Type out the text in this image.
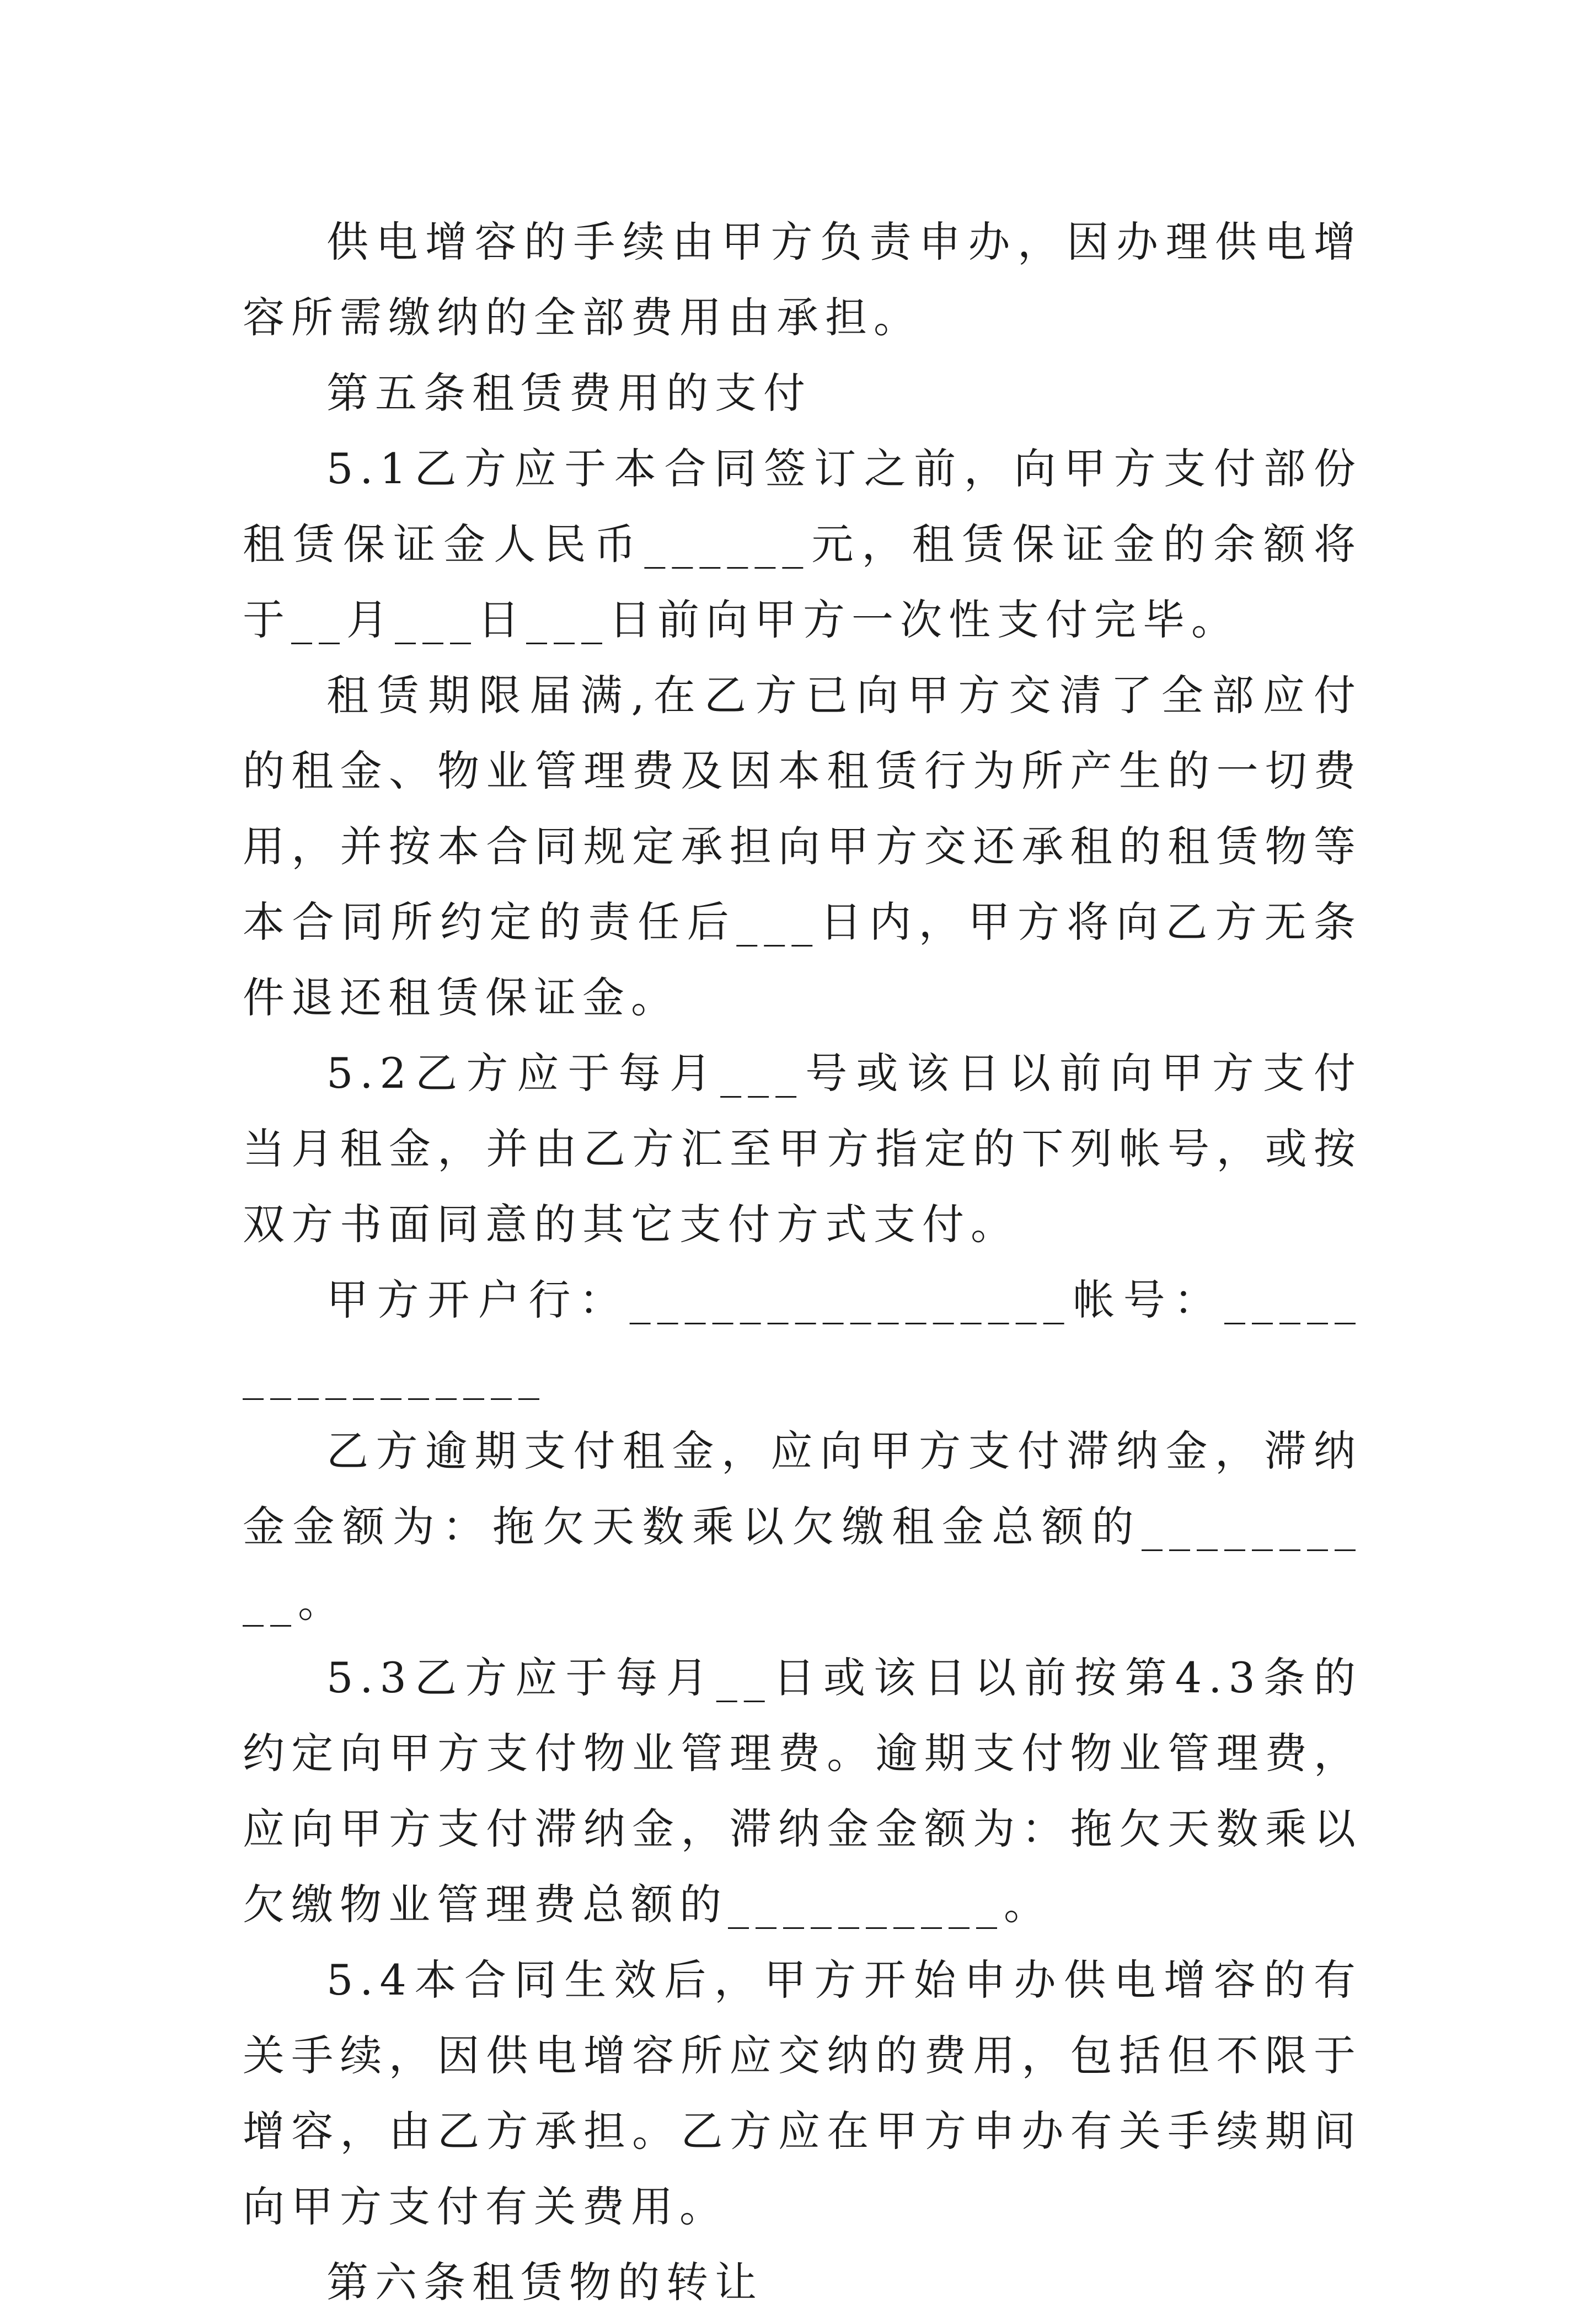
供电增容的手续由甲方负责申办，因办理供电增容所需缴纳的全部费用由承担。

第五条租赁费用的支付

5.1乙方应于本合同签订之前，向甲方支付部份租赁保证金人民币______元，租赁保证金的余额将于__月___日___日前向甲方一次性支付完毕。

租赁期限届满,在乙方已向甲方交清了全部应付的租金、物业管理费及因本租赁行为所产生的一切费用，并按本合同规定承担向甲方交还承租的租赁物等本合同所约定的责任后___日内，甲方将向乙方无条件退还租赁保证金。

5.2乙方应于每月___号或该日以前向甲方支付当月租金，并由乙方汇至甲方指定的下列帐号，或按双方书面同意的其它支付方式支付。

甲方开户行：________________帐号：________________

乙方逾期支付租金，应向甲方支付滞纳金，滞纳金金额为：拖欠天数乘以欠缴租金总额的__________。

5.3乙方应于每月__日或该日以前按第4.3条的约定向甲方支付物业管理费。逾期支付物业管理费，应向甲方支付滞纳金，滞纳金金额为：拖欠天数乘以欠缴物业管理费总额的__________。

5.4本合同生效后，甲方开始申办供电增容的有关手续，因供电增容所应交纳的费用，包括但不限于增容，由乙方承担。乙方应在甲方申办有关手续期间向甲方支付有关费用。

第六条租赁物的转让
